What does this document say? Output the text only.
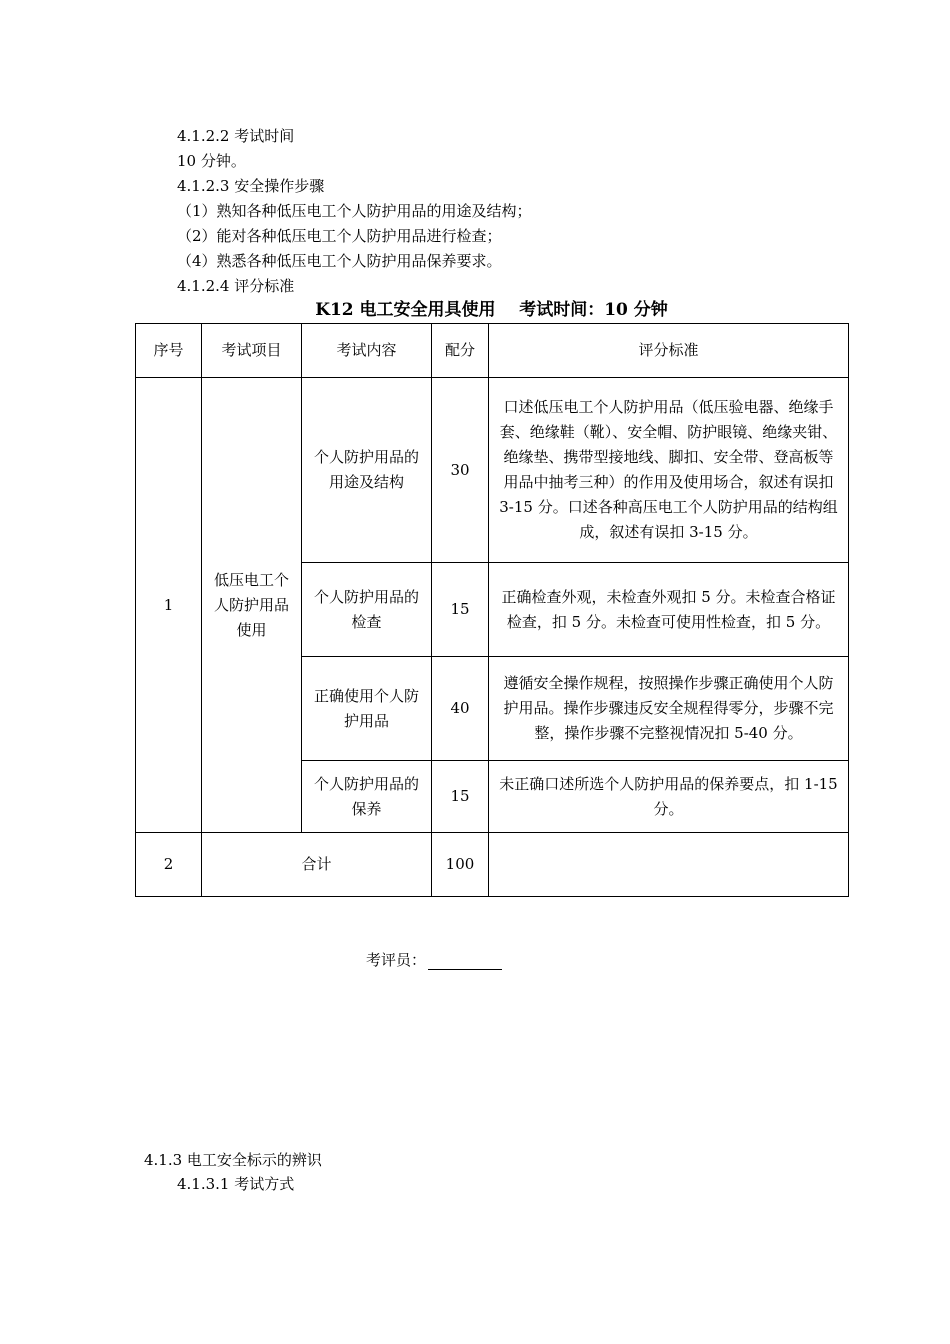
4.1.2.2 考试时间
10 分钟。
4.1.2.3 安全操作步骤
（1）熟知各种低压电工个人防护用品的用途及结构；
（2）能对各种低压电工个人防护用品进行检查；
（4）熟悉各种低压电工个人防护用品保养要求。
4.1.2.4 评分标准
K12 电工安全用具使用    考试时间：10 分钟
序号	考试项目	考试内容	配分	评分标准
1	低压电工个人防护用品使用	个人防护用品的用途及结构	30	口述低压电工个人防护用品（低压验电器、绝缘手套、绝缘鞋（靴）、安全帽、防护眼镜、绝缘夹钳、绝缘垫、携带型接地线、脚扣、安全带、登高板等用品中抽考三种）的作用及使用场合，叙述有误扣 3-15 分。口述各种高压电工个人防护用品的结构组成，叙述有误扣 3-15 分。
		个人防护用品的检查	15	正确检查外观，未检查外观扣 5 分。未检查合格证检查，扣 5 分。未检查可使用性检查，扣 5 分。
		正确使用个人防护用品	40	遵循安全操作规程，按照操作步骤正确使用个人防护用品。操作步骤违反安全规程得零分，步骤不完整，操作步骤不完整视情况扣 5-40 分。
		个人防护用品的保养	15	未正确口述所选个人防护用品的保养要点，扣 1-15 分。
2	合计		100	
考评员：
4.1.3 电工安全标示的辨识
4.1.3.1 考试方式
